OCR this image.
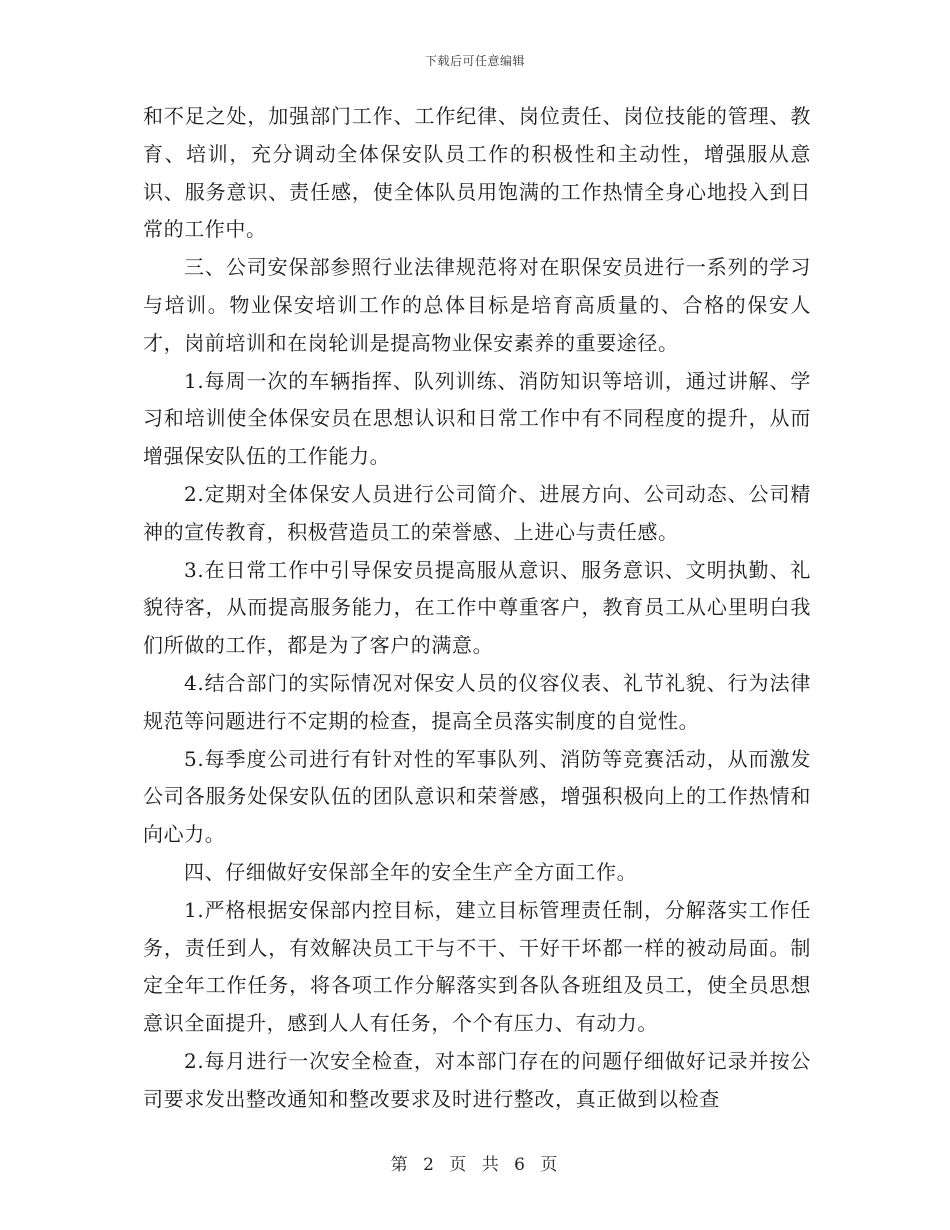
下载后可任意编辑

和不足之处，加强部门工作、工作纪律、岗位责任、岗位技能的管理、教育、培训，充分调动全体保安队员工作的积极性和主动性，增强服从意识、服务意识、责任感，使全体队员用饱满的工作热情全身心地投入到日常的工作中。

三、公司安保部参照行业法律规范将对在职保安员进行一系列的学习与培训。物业保安培训工作的总体目标是培育高质量的、合格的保安人才，岗前培训和在岗轮训是提高物业保安素养的重要途径。

1.每周一次的车辆指挥、队列训练、消防知识等培训，通过讲解、学习和培训使全体保安员在思想认识和日常工作中有不同程度的提升，从而增强保安队伍的工作能力。

2.定期对全体保安人员进行公司简介、进展方向、公司动态、公司精神的宣传教育，积极营造员工的荣誉感、上进心与责任感。

3.在日常工作中引导保安员提高服从意识、服务意识、文明执勤、礼貌待客，从而提高服务能力，在工作中尊重客户，教育员工从心里明白我们所做的工作，都是为了客户的满意。

4.结合部门的实际情况对保安人员的仪容仪表、礼节礼貌、行为法律规范等问题进行不定期的检查，提高全员落实制度的自觉性。

5.每季度公司进行有针对性的军事队列、消防等竞赛活动，从而激发公司各服务处保安队伍的团队意识和荣誉感，增强积极向上的工作热情和向心力。

四、仔细做好安保部全年的安全生产全方面工作。

1.严格根据安保部内控目标，建立目标管理责任制，分解落实工作任务，责任到人，有效解决员工干与不干、干好干坏都一样的被动局面。制定全年工作任务，将各项工作分解落实到各队各班组及员工，使全员思想意识全面提升，感到人人有任务，个个有压力、有动力。

2.每月进行一次安全检查，对本部门存在的问题仔细做好记录并按公司要求发出整改通知和整改要求及时进行整改，真正做到以检查

第 2 页 共 6 页
